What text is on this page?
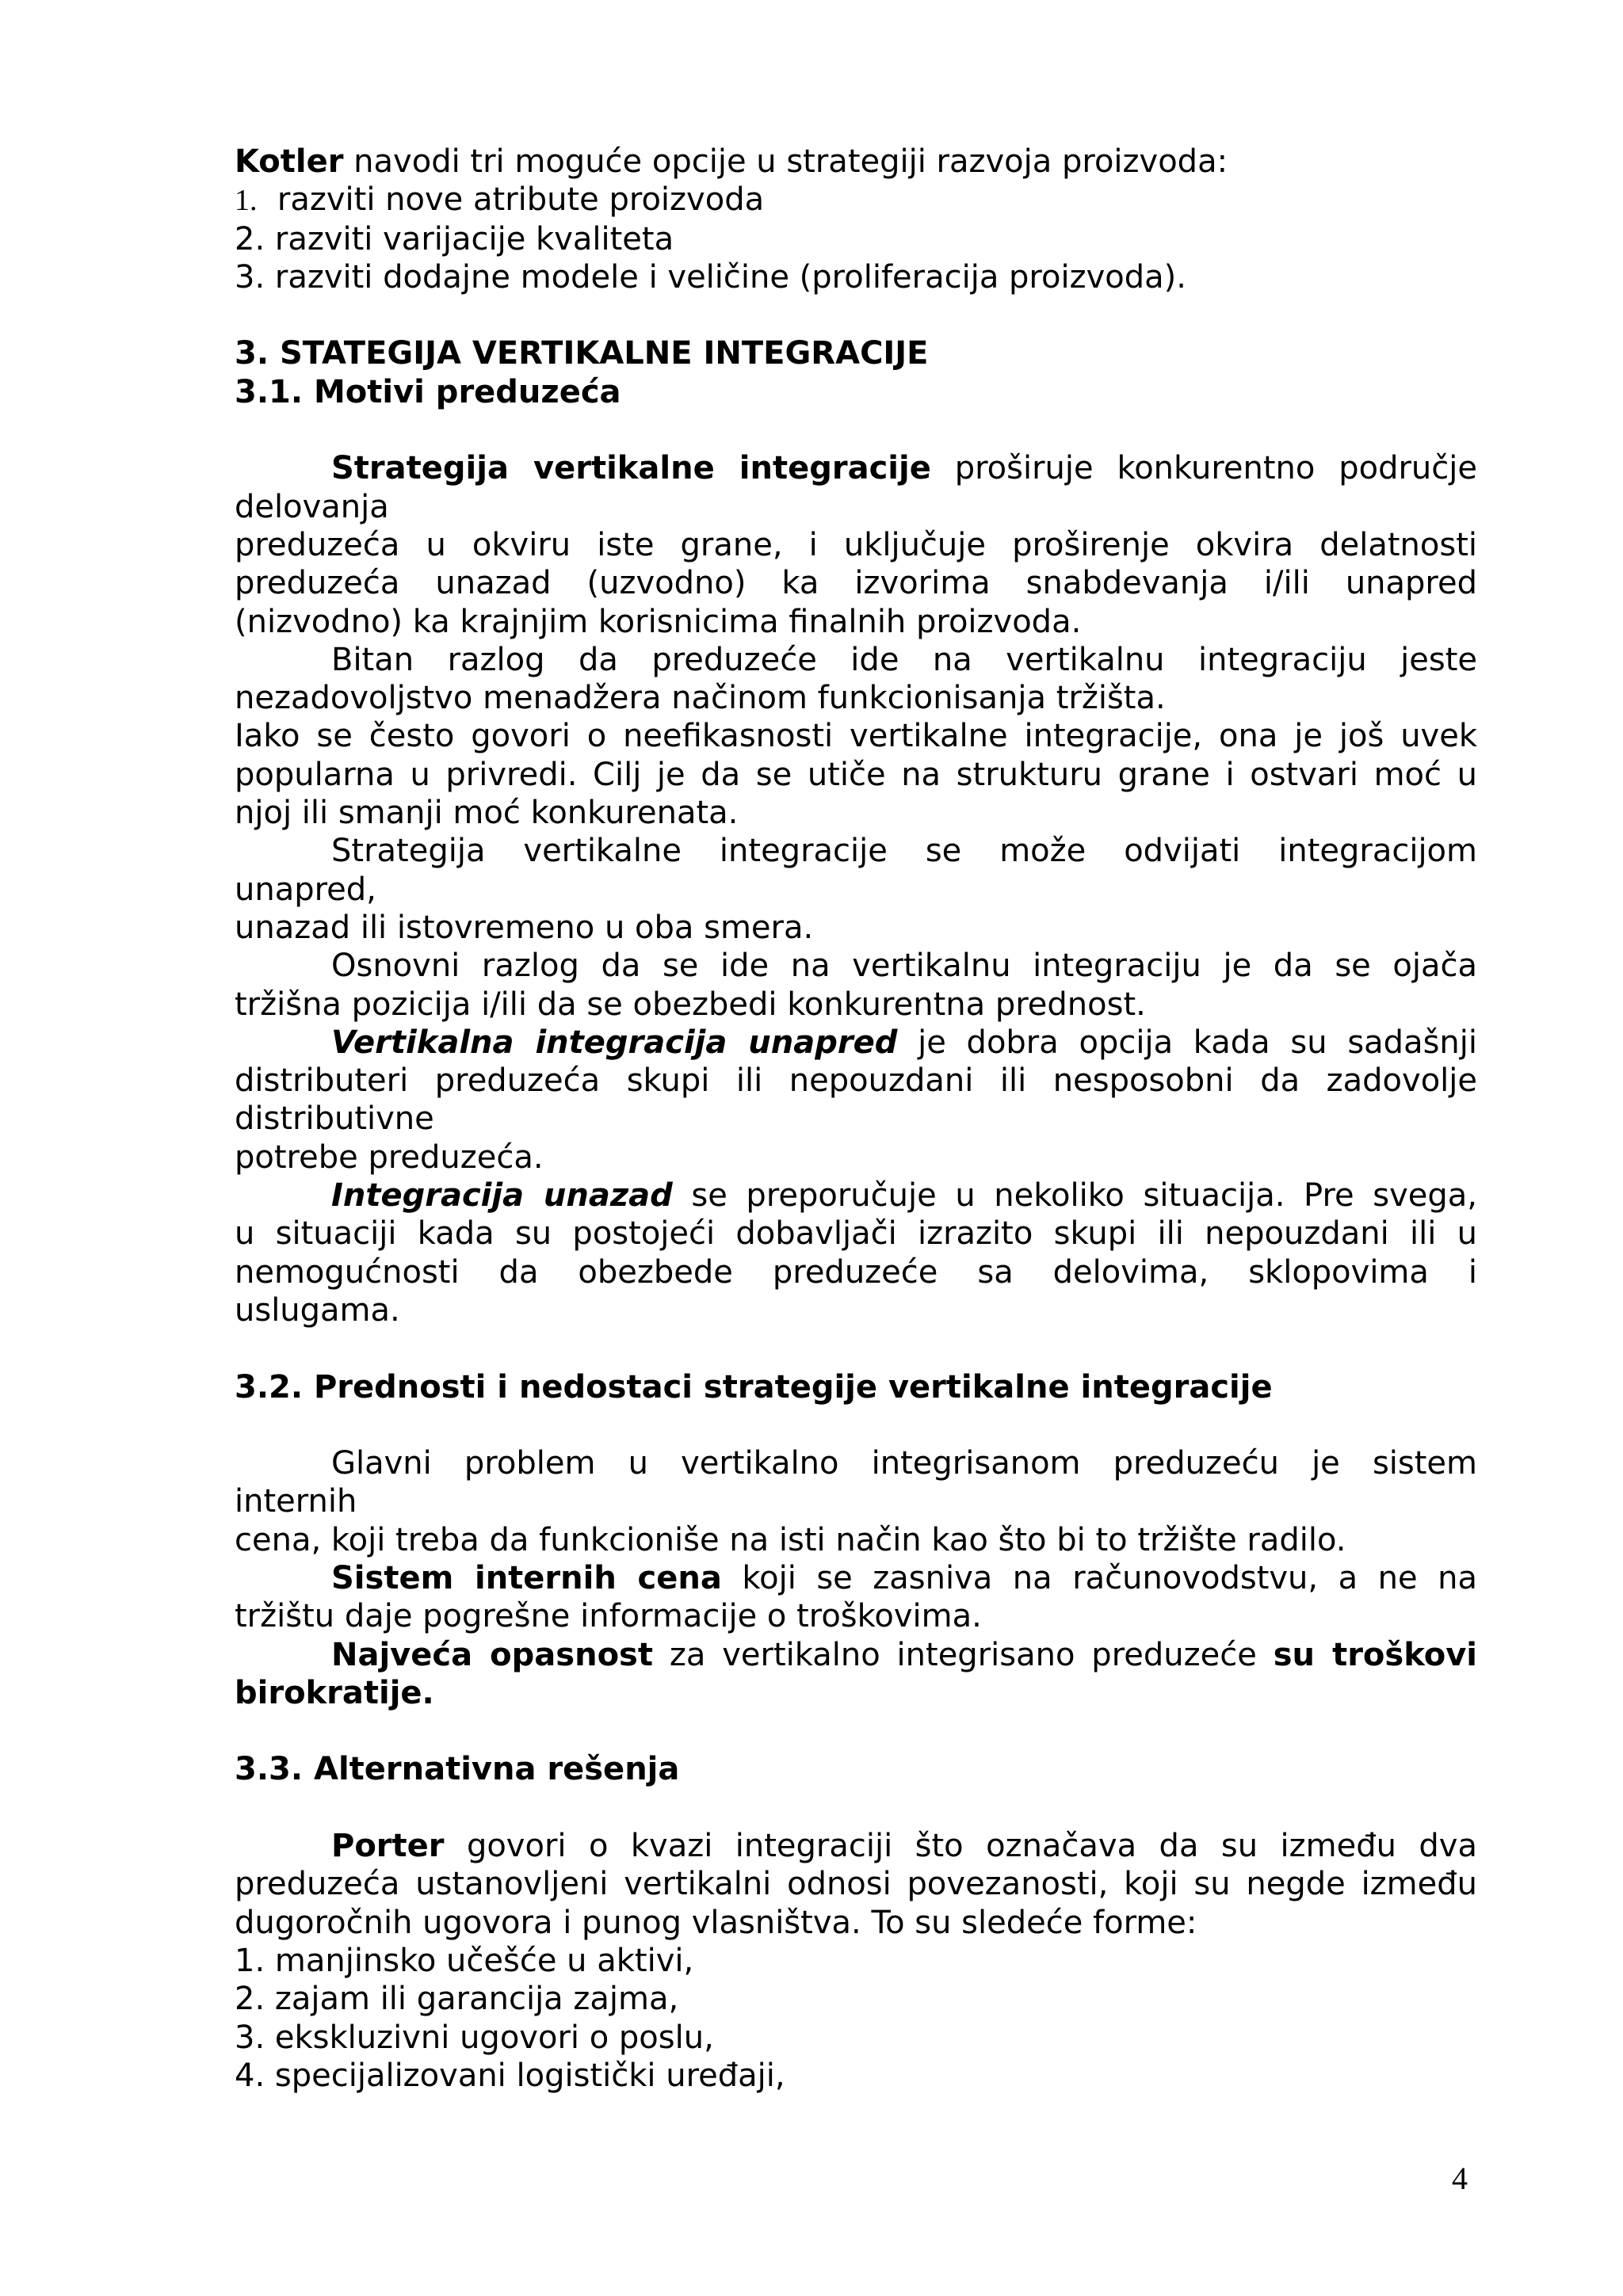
Kotler navodi tri moguće opcije u strategiji razvoja proizvoda:

1.  razviti nove atribute proizvoda

2. razviti varijacije kvaliteta

3. razviti dodajne modele i veličine (proliferacija proizvoda).

3. STATEGIJA VERTIKALNE INTEGRACIJE

3.1. Motivi preduzeća

Strategija vertikalne integracije proširuje konkurentno područje

delovanja

preduzeća u okviru iste grane, i uključuje proširenje okvira delatnosti

preduzeća unazad (uzvodno) ka izvorima snabdevanja i/ili unapred

(nizvodno) ka krajnjim korisnicima finalnih proizvoda.

Bitan razlog da preduzeće ide na vertikalnu integraciju jeste

nezadovoljstvo menadžera načinom funkcionisanja tržišta.

Iako se često govori o neefikasnosti vertikalne integracije, ona je još uvek

popularna u privredi. Cilj je da se utiče na strukturu grane i ostvari moć u

njoj ili smanji moć konkurenata.

Strategija vertikalne integracije se može odvijati integracijom

unapred,

unazad ili istovremeno u oba smera.

Osnovni razlog da se ide na vertikalnu integraciju je da se ojača

tržišna pozicija i/ili da se obezbedi konkurentna prednost.

Vertikalna integracija unapred je dobra opcija kada su sadašnji

distributeri preduzeća skupi ili nepouzdani ili nesposobni da zadovolje

distributivne

potrebe preduzeća.

Integracija unazad se preporučuje u nekoliko situacija. Pre svega,

u situaciji kada su postojeći dobavljači izrazito skupi ili nepouzdani ili u

nemogućnosti da obezbede preduzeće sa delovima, sklopovima i

uslugama.

3.2. Prednosti i nedostaci strategije vertikalne integracije

Glavni problem u vertikalno integrisanom preduzeću je sistem

internih

cena, koji treba da funkcioniše na isti način kao što bi to tržište radilo.

Sistem internih cena koji se zasniva na računovodstvu, a ne na

tržištu daje pogrešne informacije o troškovima.

Najveća opasnost za vertikalno integrisano preduzeće su troškovi

birokratije.

3.3. Alternativna rešenja

Porter govori o kvazi integraciji što označava da su između dva

preduzeća ustanovljeni vertikalni odnosi povezanosti, koji su negde između

dugoročnih ugovora i punog vlasništva. To su sledeće forme:

1. manjinsko učešće u aktivi,

2. zajam ili garancija zajma,

3. ekskluzivni ugovori o poslu,

4. specijalizovani logistički uređaji,

4
